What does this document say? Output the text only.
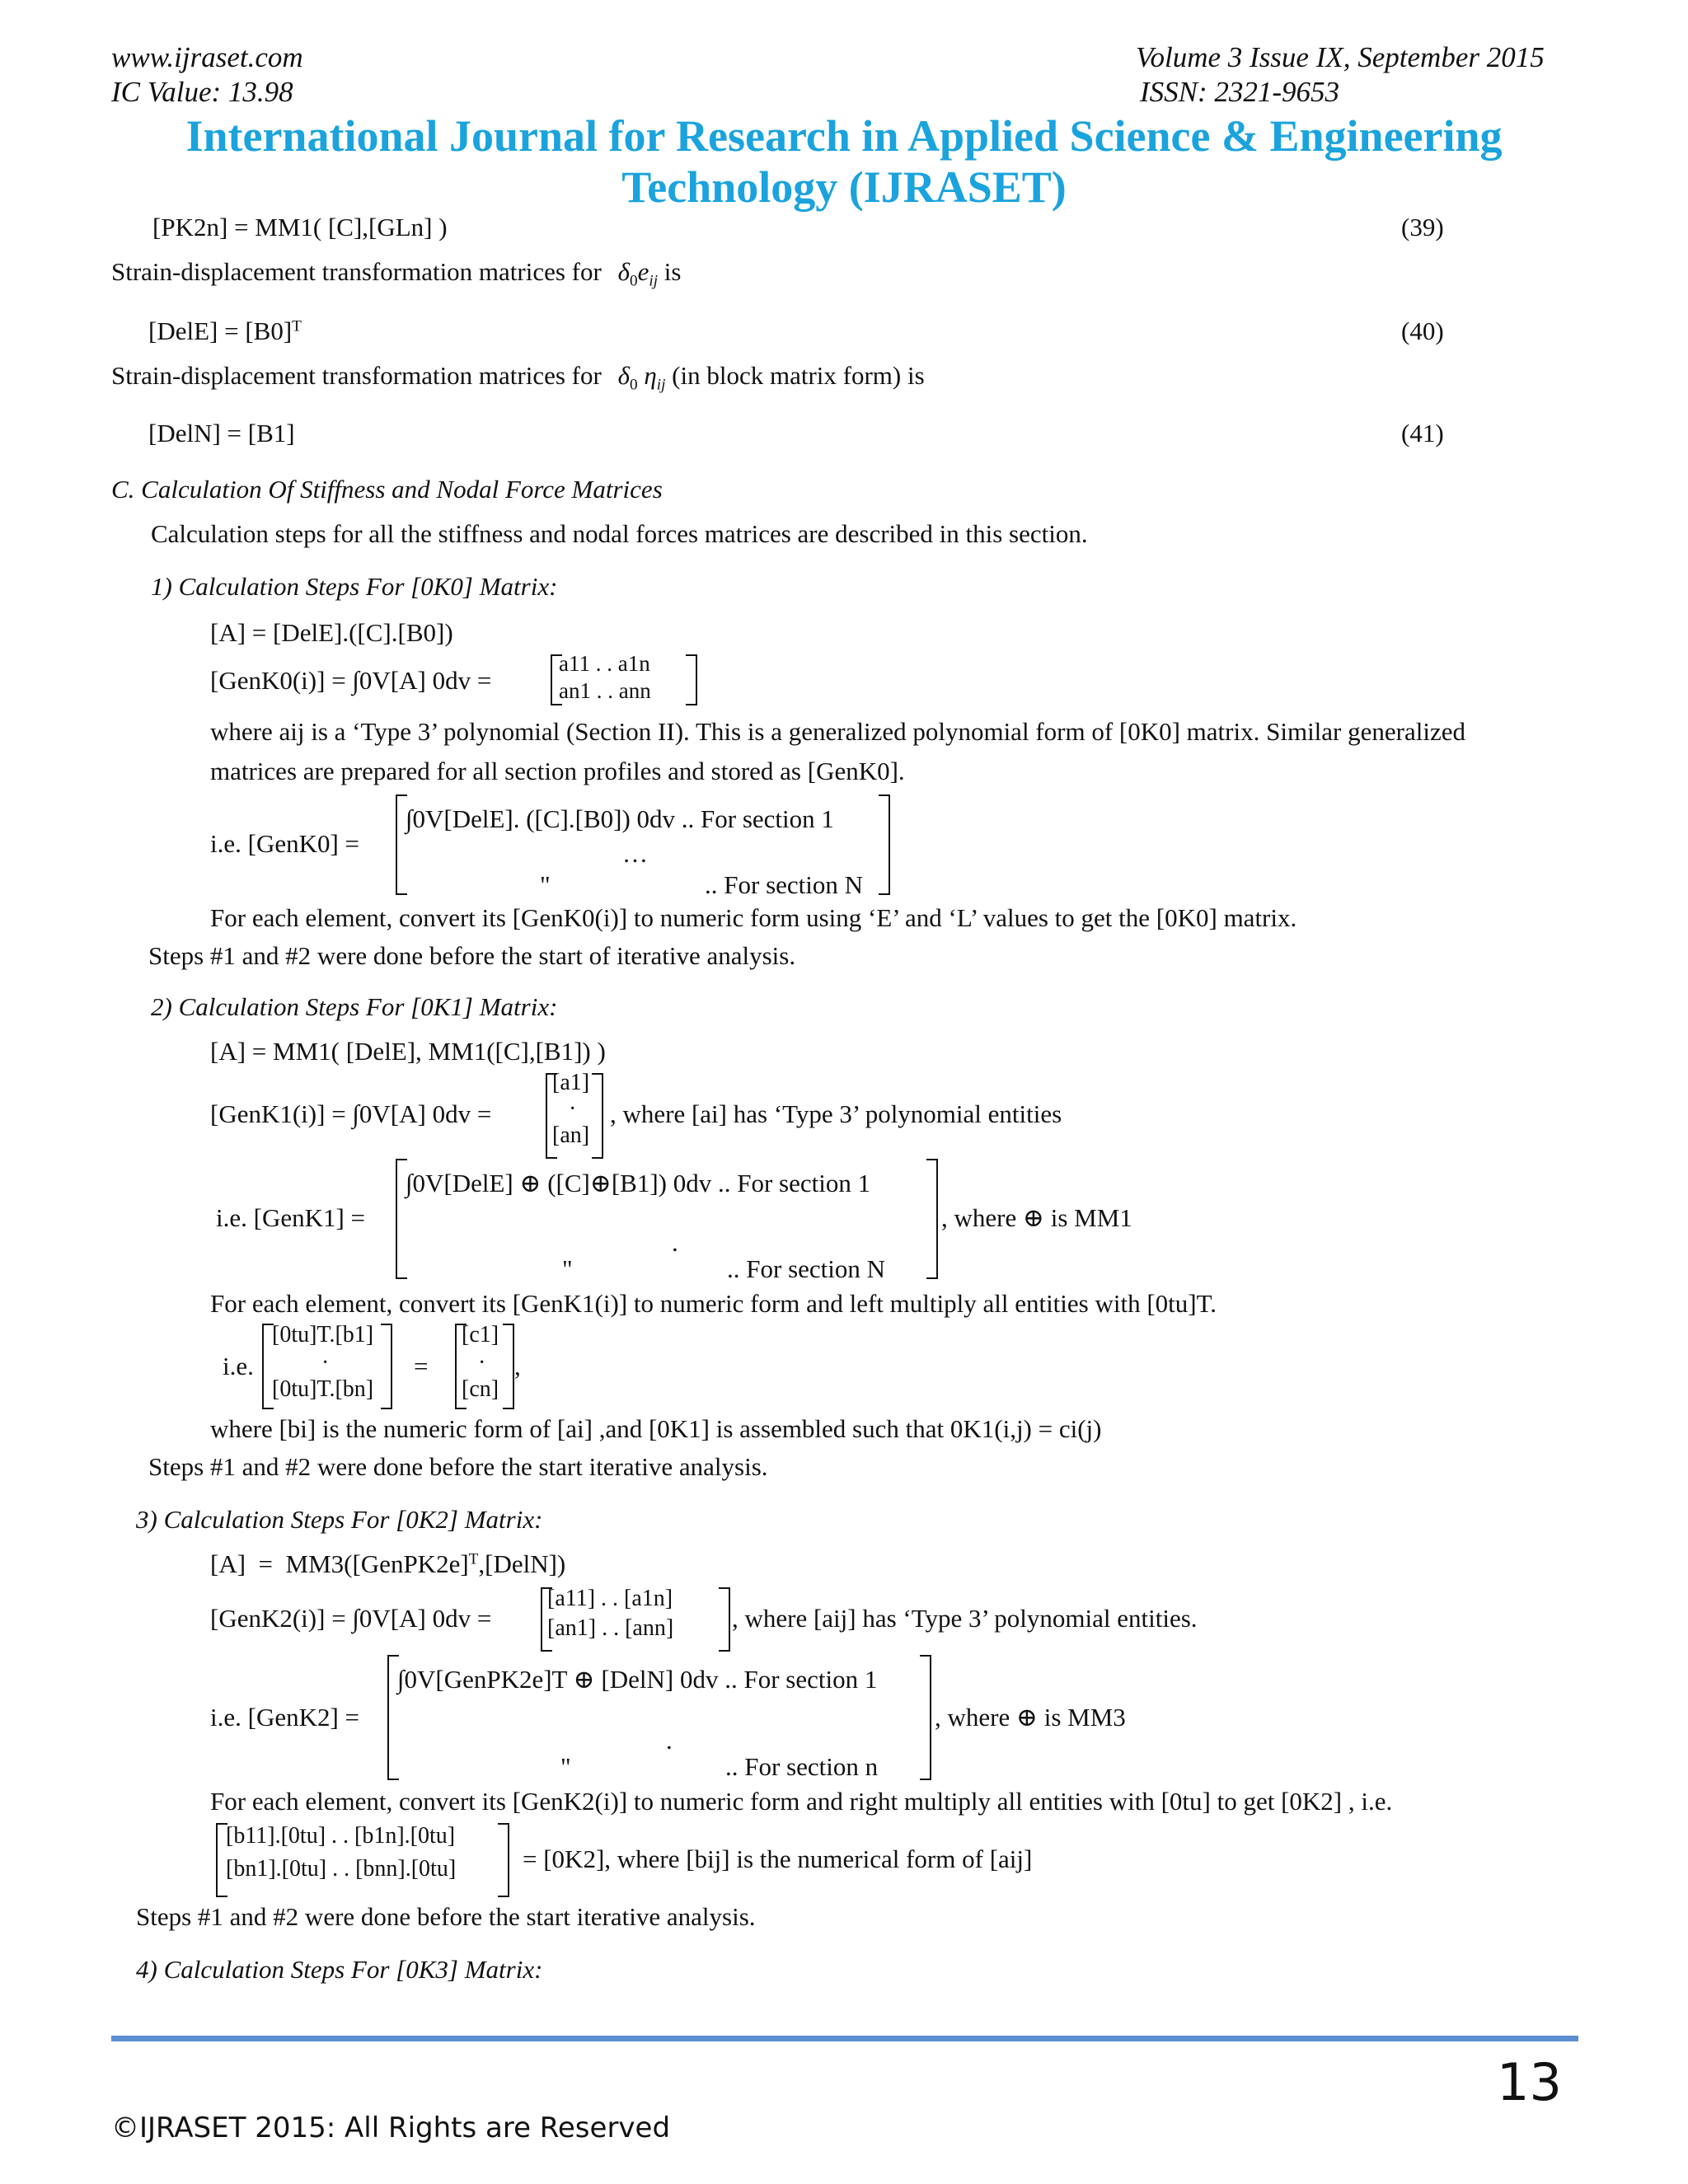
www.ijraset.com
IC Value: 13.98
Volume 3 Issue IX, September 2015
ISSN: 2321-9653
International Journal for Research in Applied Science & Engineering
Technology (IJRASET)
[PK2n] = MM1( [C],[GLn] )	(39)
Strain-displacement transformation matrices for $\delta_0e_{ij}$ is
[DelE] = $[B0]^T$	(40)
Strain-displacement transformation matrices for $\delta_0$ $\eta_{ij}$ (in block matrix form) is
[DelN] = [B1]	(41)
C. Calculation Of Stiffness and Nodal Force Matrices
Calculation steps for all the stiffness and nodal forces matrices are described in this section.
1) Calculation Steps For [0K0] Matrix:
[A] = [DelE].([C].[B0])
[GenK0(i)] = ∫0V[A] 0dv =
a11 . . a1n
an1 . . ann
where aij is a ‘Type 3’ polynomial (Section II). This is a generalized polynomial form of [0K0] matrix. Similar generalized
matrices are prepared for all section profiles and stored as [GenK0].
i.e. [GenK0] =
∫0V[DelE]. ([C].[B0]) 0dv .. For section 1
…
"	.. For section N
For each element, convert its [GenK0(i)] to numeric form using ‘E’ and ‘L’ values to get the [0K0] matrix.
Steps #1 and #2 were done before the start of iterative analysis.
2) Calculation Steps For [0K1] Matrix:
[A] = MM1( [DelE], MM1([C],[B1]) )
[GenK1(i)] = ∫0V[A] 0dv =
[a1]
·
[an]
, where [ai] has ‘Type 3’ polynomial entities
i.e. [GenK1] =
∫0V[DelE] ⊕ ([C]⊕[B1]) 0dv .. For section 1
.
"	.. For section N
, where ⊕ is MM1
For each element, convert its [GenK1(i)] to numeric form and left multiply all entities with [0tu]T.
i.e.
[0tu]T.[b1]
·
[0tu]T.[bn]
=
[c1]
·
[cn]
,
where [bi] is the numeric form of [ai] ,and [0K1] is assembled such that 0K1(i,j) = ci(j)
Steps #1 and #2 were done before the start iterative analysis.
3) Calculation Steps For [0K2] Matrix:
[A]  =  MM3([GenPK2e]$^T$,[DelN])
[GenK2(i)] = ∫0V[A] 0dv =
[a11] . . [a1n]
[an1] . . [ann] , where [aij] has ‘Type 3’ polynomial entities.
i.e. [GenK2] =
∫0V[GenPK2e]T ⊕ [DelN] 0dv .. For section 1
.
"	.. For section n
, where ⊕ is MM3
For each element, convert its [GenK2(i)] to numeric form and right multiply all entities with [0tu] to get [0K2] , i.e.
[b11].[0tu] . . [b1n].[0tu]
[bn1].[0tu] . . [bnn].[0tu]	= [0K2], where [bij] is the numerical form of [aij]
Steps #1 and #2 were done before the start iterative analysis.
4) Calculation Steps For [0K3] Matrix:
13
©IJRASET 2015: All Rights are Reserved
